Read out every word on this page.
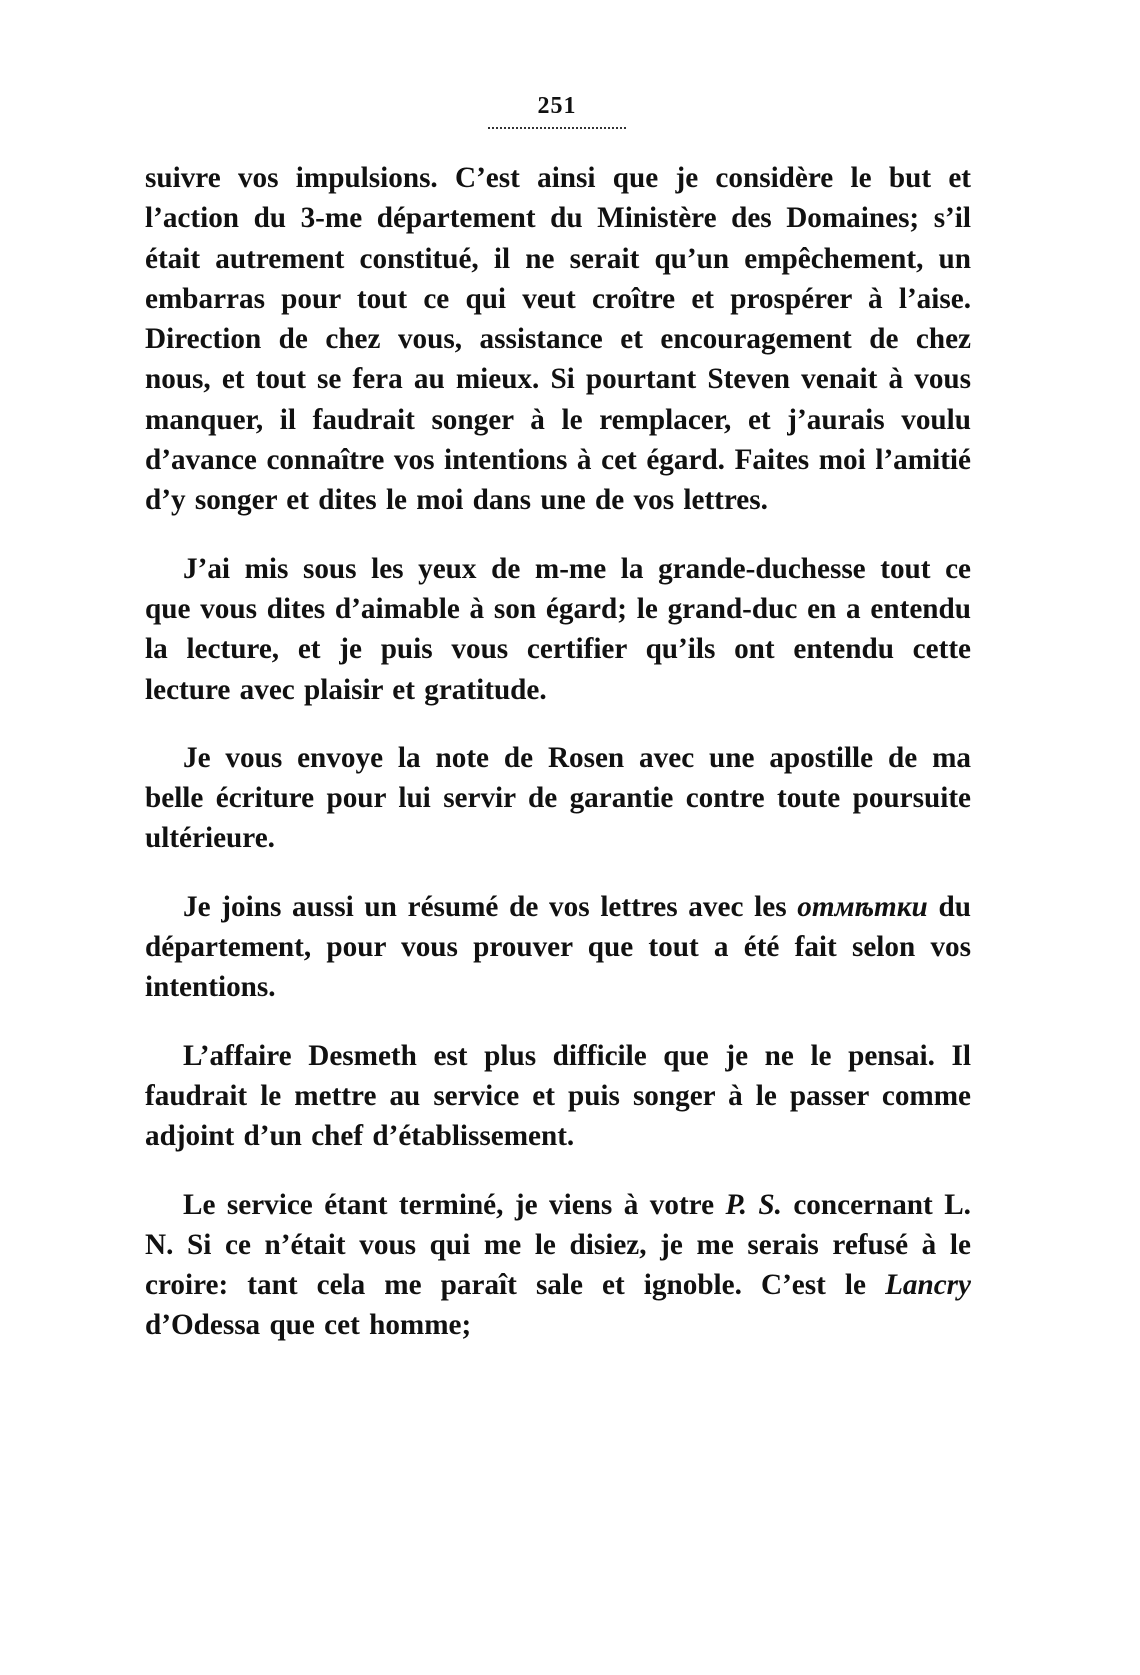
251

suivre vos impulsions. C’est ainsi que je considère le but et l’action du 3-me département du Ministère des Domaines; s’il était autrement constitué, il ne serait qu’un empêchement, un embarras pour tout ce qui veut croître et prospérer à l’aise. Direction de chez vous, assistance et encouragement de chez nous, et tout se fera au mieux. Si pourtant Steven venait à vous manquer, il faudrait songer à le remplacer, et j’aurais voulu d’avance connaître vos intentions à cet égard. Faites moi l’amitié d’y songer et dites le moi dans une de vos lettres.

J’ai mis sous les yeux de m-me la grande-duchesse tout ce que vous dites d’aimable à son égard; le grand-duc en a entendu la lecture, et je puis vous certifier qu’ils ont entendu cette lecture avec plaisir et gratitude.

Je vous envoye la note de Rosen avec une apostille de ma belle écriture pour lui servir de garantie contre toute poursuite ultérieure.

Je joins aussi un résumé de vos lettres avec les отмѣтки du département, pour vous prouver que tout a été fait selon vos intentions.

L’affaire Desmeth est plus difficile que je ne le pensai. Il faudrait le mettre au service et puis songer à le passer comme adjoint d’un chef d’établissement.

Le service étant terminé, je viens à votre P. S. concernant L. N. Si ce n’était vous qui me le disiez, je me serais refusé à le croire: tant cela me paraît sale et ignoble. C’est le Lancry d’Odessa que cet homme;
